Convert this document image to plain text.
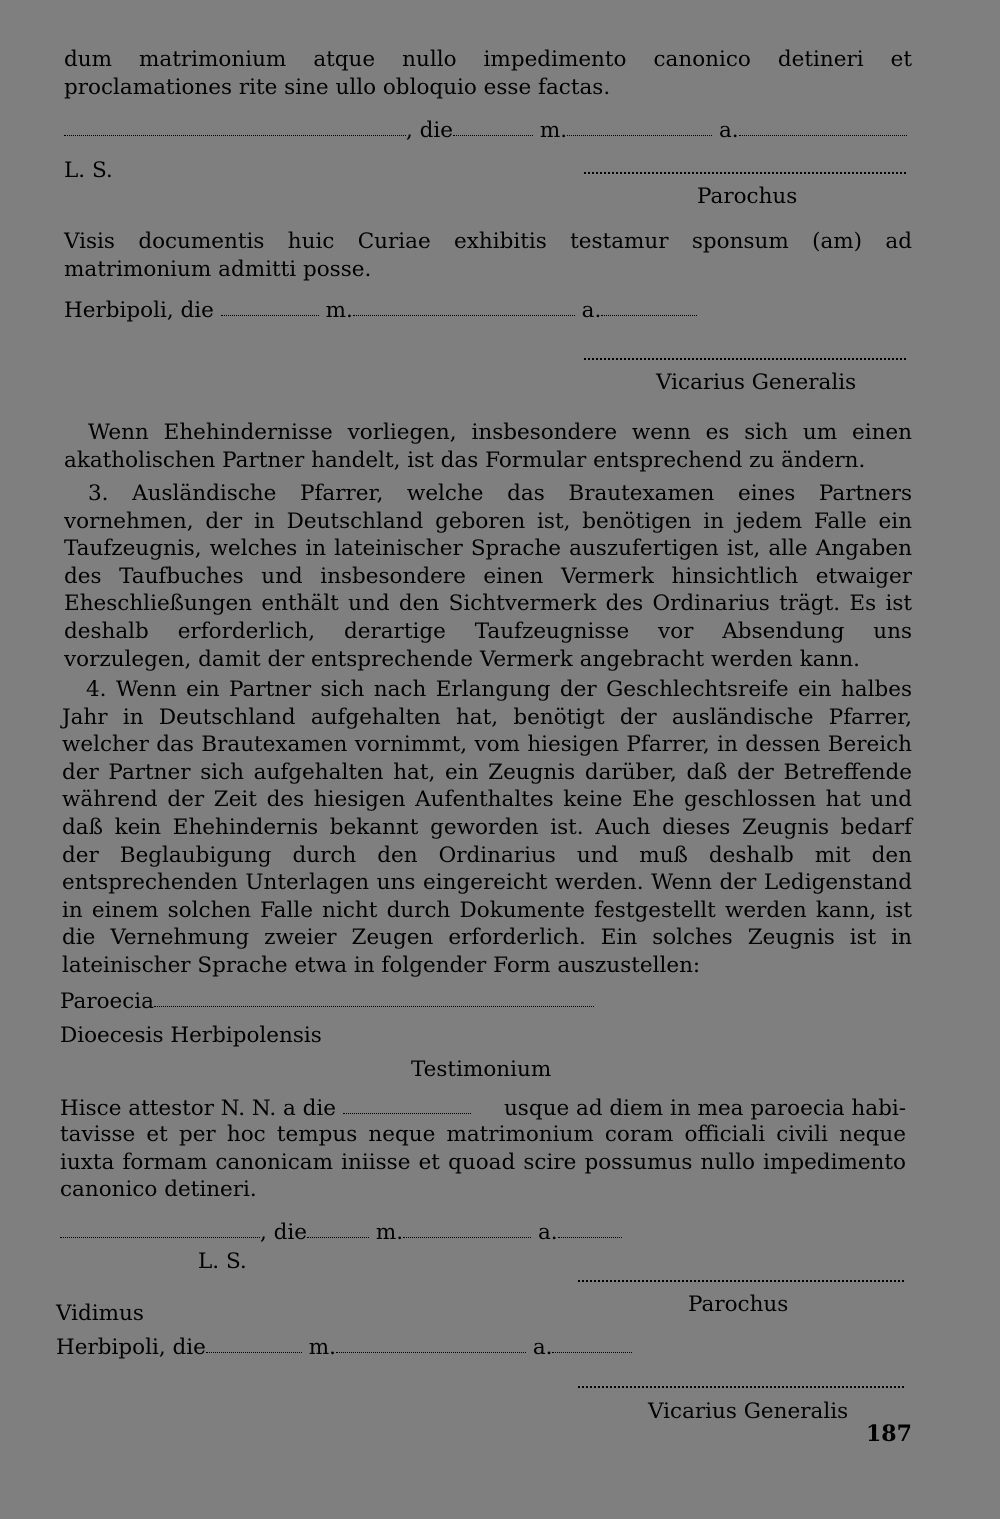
dum matrimonium atque nullo impedimento canonico detineri et proclamationes rite sine ullo obloquio esse factas.
, die	m.	a.
L. S.
Parochus
Visis documentis huic Curiae exhibitis testamur sponsum (am) ad matrimonium admitti posse.
Herbipoli, die	m.	a.
Vicarius Generalis
Wenn Ehehindernisse vorliegen, insbesondere wenn es sich um einen akatholischen Partner handelt, ist das Formular entsprechend zu ändern.
3. Ausländische Pfarrer, welche das Brautexamen eines Partners vornehmen, der in Deutschland geboren ist, benötigen in jedem Falle ein Taufzeugnis, welches in lateinischer Sprache auszufertigen ist, alle Angaben des Taufbuches und insbesondere einen Vermerk hinsichtlich etwaiger Eheschließungen enthält und den Sichtvermerk des Ordinarius trägt. Es ist deshalb erforderlich, derartige Taufzeugnisse vor Absendung uns vorzulegen, damit der entsprechende Vermerk angebracht werden kann.
4. Wenn ein Partner sich nach Erlangung der Geschlechtsreife ein halbes Jahr in Deutschland aufgehalten hat, benötigt der ausländische Pfarrer, welcher das Brautexamen vornimmt, vom hiesigen Pfarrer, in dessen Bereich der Partner sich aufgehalten hat, ein Zeugnis darüber, daß der Betreffende während der Zeit des hiesigen Aufenthaltes keine Ehe geschlossen hat und daß kein Ehehindernis bekannt geworden ist. Auch dieses Zeugnis bedarf der Beglaubigung durch den Ordinarius und muß deshalb mit den entsprechenden Unterlagen uns eingereicht werden. Wenn der Ledigenstand in einem solchen Falle nicht durch Dokumente festgestellt werden kann, ist die Vernehmung zweier Zeugen erforderlich. Ein solches Zeugnis ist in lateinischer Sprache etwa in folgender Form auszustellen:
Paroecia
Dioecesis Herbipolensis
Testimonium
Hisce attestor N. N. a die	usque ad diem in mea paroecia habi-
tavisse et per hoc tempus neque matrimonium coram officiali civili neque iuxta formam canonicam iniisse et quoad scire possumus nullo impedimento canonico detineri.
, die	m.	a.
L. S.
Parochus
Vidimus
Herbipoli, die	m.	a.
Vicarius Generalis
187
